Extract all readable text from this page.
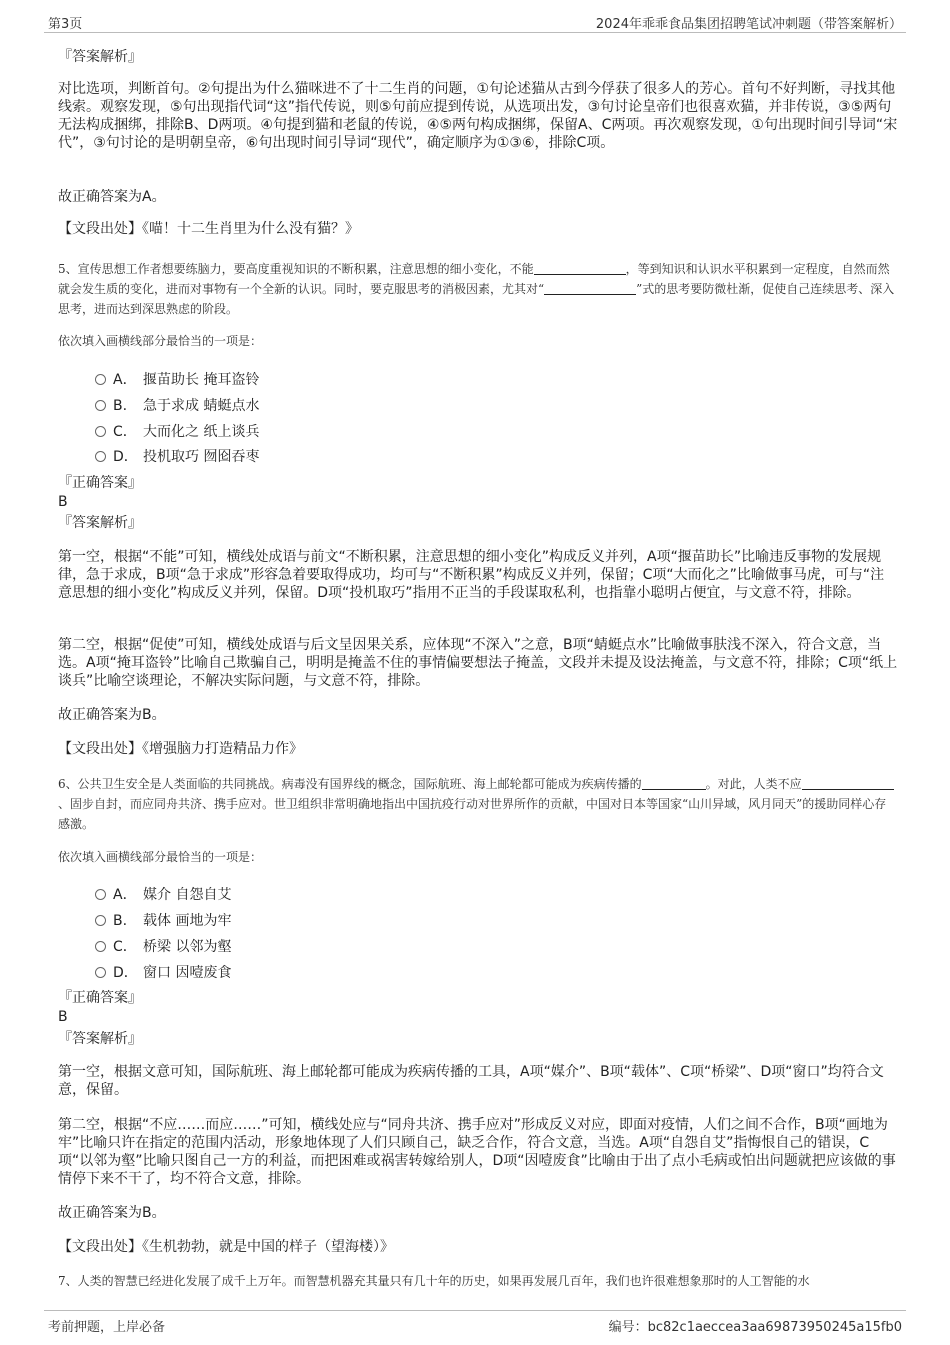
第3页	2024年乖乖食品集团招聘笔试冲刺题（带答案解析）
『答案解析』
对比选项，判断首句。②句提出为什么猫咪进不了十二生肖的问题，①句论述猫从古到今俘获了很多人的芳心。首句不好判断，寻找其他线索。观察发现，⑤句出现指代词“这”指代传说，则⑤句前应提到传说，从选项出发，③句讨论皇帝们也很喜欢猫，并非传说，③⑤两句无法构成捆绑，排除B、D两项。④句提到猫和老鼠的传说，④⑤两句构成捆绑，保留A、C两项。再次观察发现，①句出现时间引导词“宋代”，③句讨论的是明朝皇帝，⑥句出现时间引导词“现代”，确定顺序为①③⑥，排除C项。
故正确答案为A。
【文段出处】《喵！十二生肖里为什么没有猫？》
5、宣传思想工作者想要练脑力，要高度重视知识的不断积累，注意思想的细小变化，不能	，等到知识和认识水平积累到一定程度，自然而然就会发生质的变化，进而对事物有一个全新的认识。同时，要克服思考的消极因素，尤其对“	”式的思考要防微杜渐，促使自己连续思考、深入思考，进而达到深思熟虑的阶段。
依次填入画横线部分最恰当的一项是：
A． 揠苗助长 掩耳盗铃
B. 急于求成 蜻蜓点水
C． 大而化之 纸上谈兵
D． 投机取巧 囫囵吞枣
『正确答案』
B
『答案解析』
第一空，根据“不能”可知，横线处成语与前文“不断积累，注意思想的细小变化”构成反义并列，A项“揠苗助长”比喻违反事物的发展规律，急于求成，B项“急于求成”形容急着要取得成功，均可与“不断积累”构成反义并列，保留；C项“大而化之”比喻做事马虎，可与“注意思想的细小变化”构成反义并列，保留。D项“投机取巧”指用不正当的手段谋取私利，也指靠小聪明占便宜，与文意不符，排除。
第二空，根据“促使”可知，横线处成语与后文呈因果关系，应体现“不深入”之意，B项“蜻蜓点水”比喻做事肤浅不深入，符合文意，当选。A项“掩耳盗铃”比喻自己欺骗自己，明明是掩盖不住的事情偏要想法子掩盖，文段并未提及设法掩盖，与文意不符，排除；C项“纸上谈兵”比喻空谈理论，不解决实际问题，与文意不符，排除。
故正确答案为B。
【文段出处】《增强脑力打造精品力作》
6、公共卫生安全是人类面临的共同挑战。病毒没有国界线的概念，国际航班、海上邮轮都可能成为疾病传播的	。对此，人类不应、固步自封，而应同舟共济、携手应对。世卫组织非常明确地指出中国抗疫行动对世界所作的贡献，中国对日本等国家“山川异域，风月同天”的援助同样心存感激。
依次填入画横线部分最恰当的一项是：
A． 媒介 自怨自艾
B. 载体 画地为牢
C． 桥梁 以邻为壑
D． 窗口 因噎废食
『正确答案』
B
『答案解析』
第一空，根据文意可知，国际航班、海上邮轮都可能成为疾病传播的工具，A项“媒介”、B项“载体”、C项“桥梁”、D项“窗口”均符合文意，保留。
第二空，根据“不应……而应……”可知，横线处应与“同舟共济、携手应对”形成反义对应，即面对疫情，人们之间不合作，B项“画地为牢”比喻只许在指定的范围内活动，形象地体现了人们只顾自己，缺乏合作，符合文意，当选。A项“自怨自艾”指悔恨自己的错误，C项“以邻为壑”比喻只图自己一方的利益，而把困难或祸害转嫁给别人，D项“因噎废食”比喻由于出了点小毛病或怕出问题就把应该做的事情停下来不干了，均不符合文意，排除。
故正确答案为B。
【文段出处】《生机勃勃，就是中国的样子（望海楼）》
7、人类的智慧已经进化发展了成千上万年。而智慧机器充其量只有几十年的历史，如果再发展几百年，我们也许很难想象那时的人工智能的水
考前押题，上岸必备	编号：bc82c1aeccea3aa69873950245a15fb0
